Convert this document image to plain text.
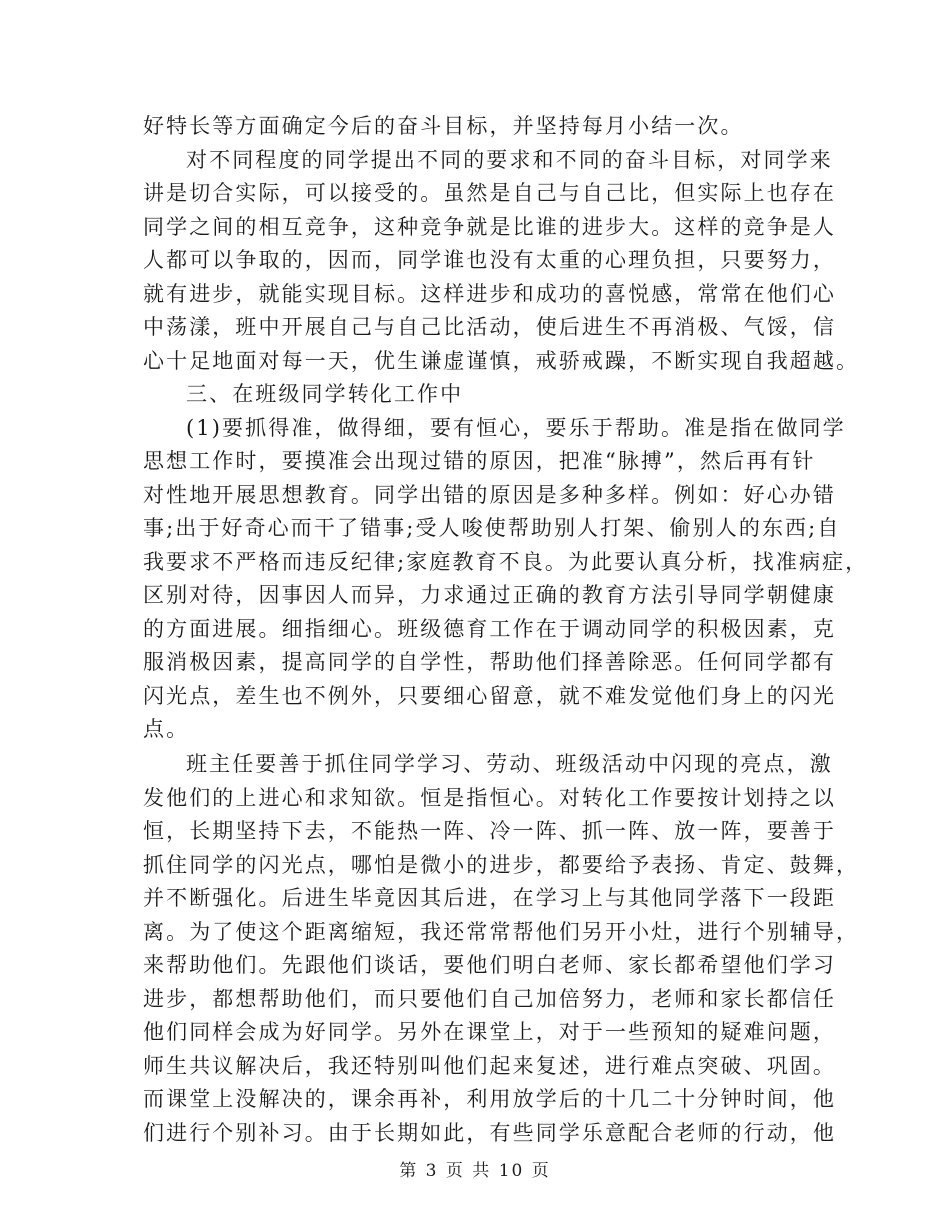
好特长等方面确定今后的奋斗目标，并坚持每月小结一次。
对不同程度的同学提出不同的要求和不同的奋斗目标，对同学来
讲是切合实际，可以接受的。虽然是自己与自己比，但实际上也存在
同学之间的相互竞争，这种竞争就是比谁的进步大。这样的竞争是人
人都可以争取的，因而，同学谁也没有太重的心理负担，只要努力，
就有进步，就能实现目标。这样进步和成功的喜悦感，常常在他们心
中荡漾，班中开展自己与自己比活动，使后进生不再消极、气馁，信
心十足地面对每一天，优生谦虚谨慎，戒骄戒躁，不断实现自我超越。
三、在班级同学转化工作中
(1)要抓得准，做得细，要有恒心，要乐于帮助。准是指在做同学
思想工作时，要摸准会出现过错的原因，把准“脉搏”，然后再有针
对性地开展思想教育。同学出错的原因是多种多样。例如：好心办错
事;出于好奇心而干了错事;受人唆使帮助别人打架、偷别人的东西;自
我要求不严格而违反纪律;家庭教育不良。为此要认真分析，找准病症，
区别对待，因事因人而异，力求通过正确的教育方法引导同学朝健康
的方面进展。细指细心。班级德育工作在于调动同学的积极因素，克
服消极因素，提高同学的自学性，帮助他们择善除恶。任何同学都有
闪光点，差生也不例外，只要细心留意，就不难发觉他们身上的闪光
点。
班主任要善于抓住同学学习、劳动、班级活动中闪现的亮点，激
发他们的上进心和求知欲。恒是指恒心。对转化工作要按计划持之以
恒，长期坚持下去，不能热一阵、冷一阵、抓一阵、放一阵，要善于
抓住同学的闪光点，哪怕是微小的进步，都要给予表扬、肯定、鼓舞，
并不断强化。后进生毕竟因其后进，在学习上与其他同学落下一段距
离。为了使这个距离缩短，我还常常帮他们另开小灶，进行个别辅导，
来帮助他们。先跟他们谈话，要他们明白老师、家长都希望他们学习
进步，都想帮助他们，而只要他们自己加倍努力，老师和家长都信任
他们同样会成为好同学。另外在课堂上，对于一些预知的疑难问题，
师生共议解决后，我还特别叫他们起来复述，进行难点突破、巩固。
而课堂上没解决的，课余再补，利用放学后的十几二十分钟时间，他
们进行个别补习。由于长期如此，有些同学乐意配合老师的行动，他
第 3 页 共 10 页
